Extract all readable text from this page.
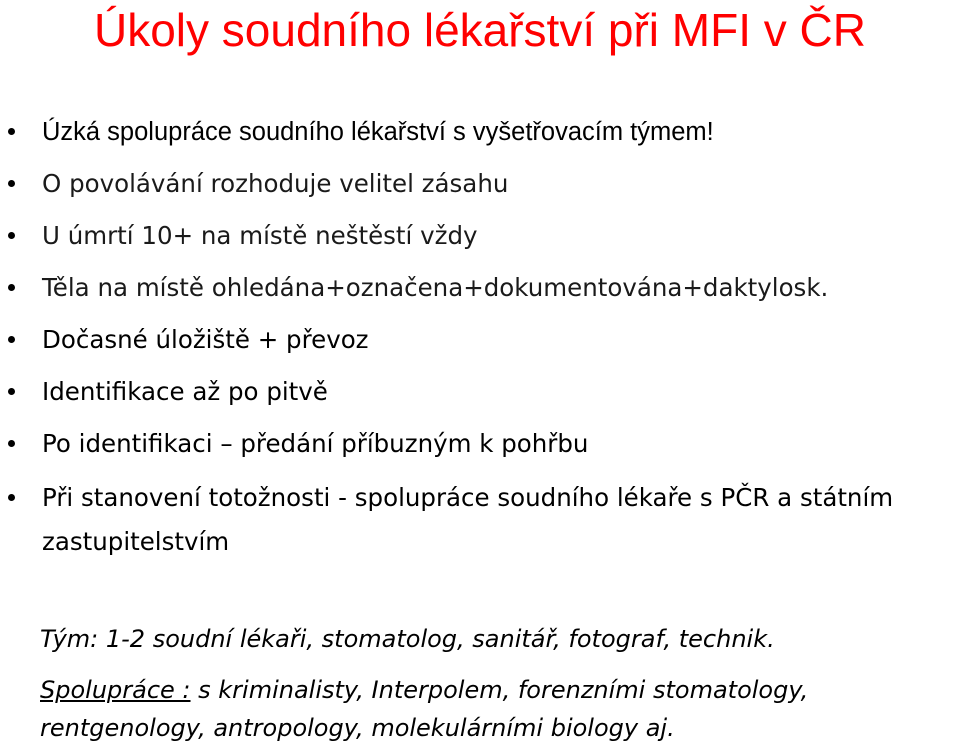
Úkoly soudního lékařství při MFI v ČR
Úzká spolupráce soudního lékařství s vyšetřovacím týmem!
O povolávání rozhoduje velitel zásahu
U úmrtí 10+ na místě neštěstí vždy
Těla na místě ohledána+označena+dokumentována+daktylosk.
Dočasné úložiště + převoz
Identifikace až po pitvě
Po identifikaci – předání příbuzným k pohřbu
Při stanovení totožnosti - spolupráce soudního lékaře s PČR a státním zastupitelstvím
Tým: 1-2 soudní lékaři, stomatolog, sanitář, fotograf, technik.
Spolupráce : s kriminalisty, Interpolem, forenzními stomatology, rentgenology, antropology, molekulárními biology aj.
